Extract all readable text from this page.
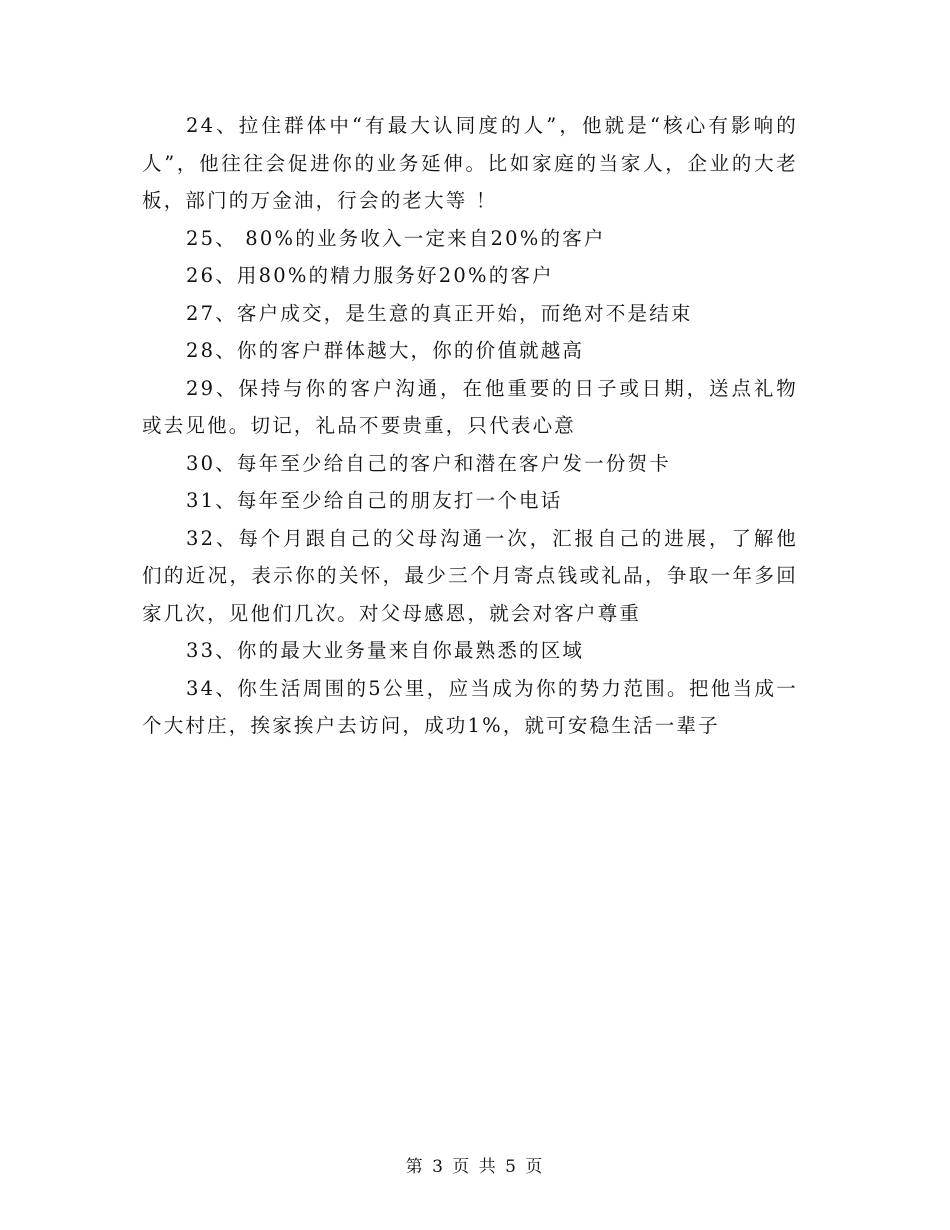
24、拉住群体中“有最大认同度的人”，他就是“核心有影响的人”，他往往会促进你的业务延伸。比如家庭的当家人，企业的大老板，部门的万金油，行会的老大等 ！

25、 80%的业务收入一定来自20%的客户

26、用80%的精力服务好20%的客户

27、客户成交，是生意的真正开始，而绝对不是结束

28、你的客户群体越大，你的价值就越高

29、保持与你的客户沟通，在他重要的日子或日期，送点礼物或去见他。切记，礼品不要贵重，只代表心意

30、每年至少给自己的客户和潜在客户发一份贺卡

31、每年至少给自己的朋友打一个电话

32、每个月跟自己的父母沟通一次，汇报自己的进展，了解他们的近况，表示你的关怀，最少三个月寄点钱或礼品，争取一年多回家几次，见他们几次。对父母感恩，就会对客户尊重

33、你的最大业务量来自你最熟悉的区域

34、你生活周围的5公里，应当成为你的势力范围。把他当成一个大村庄，挨家挨户去访问，成功1%，就可安稳生活一辈子

第 3 页 共 5 页
